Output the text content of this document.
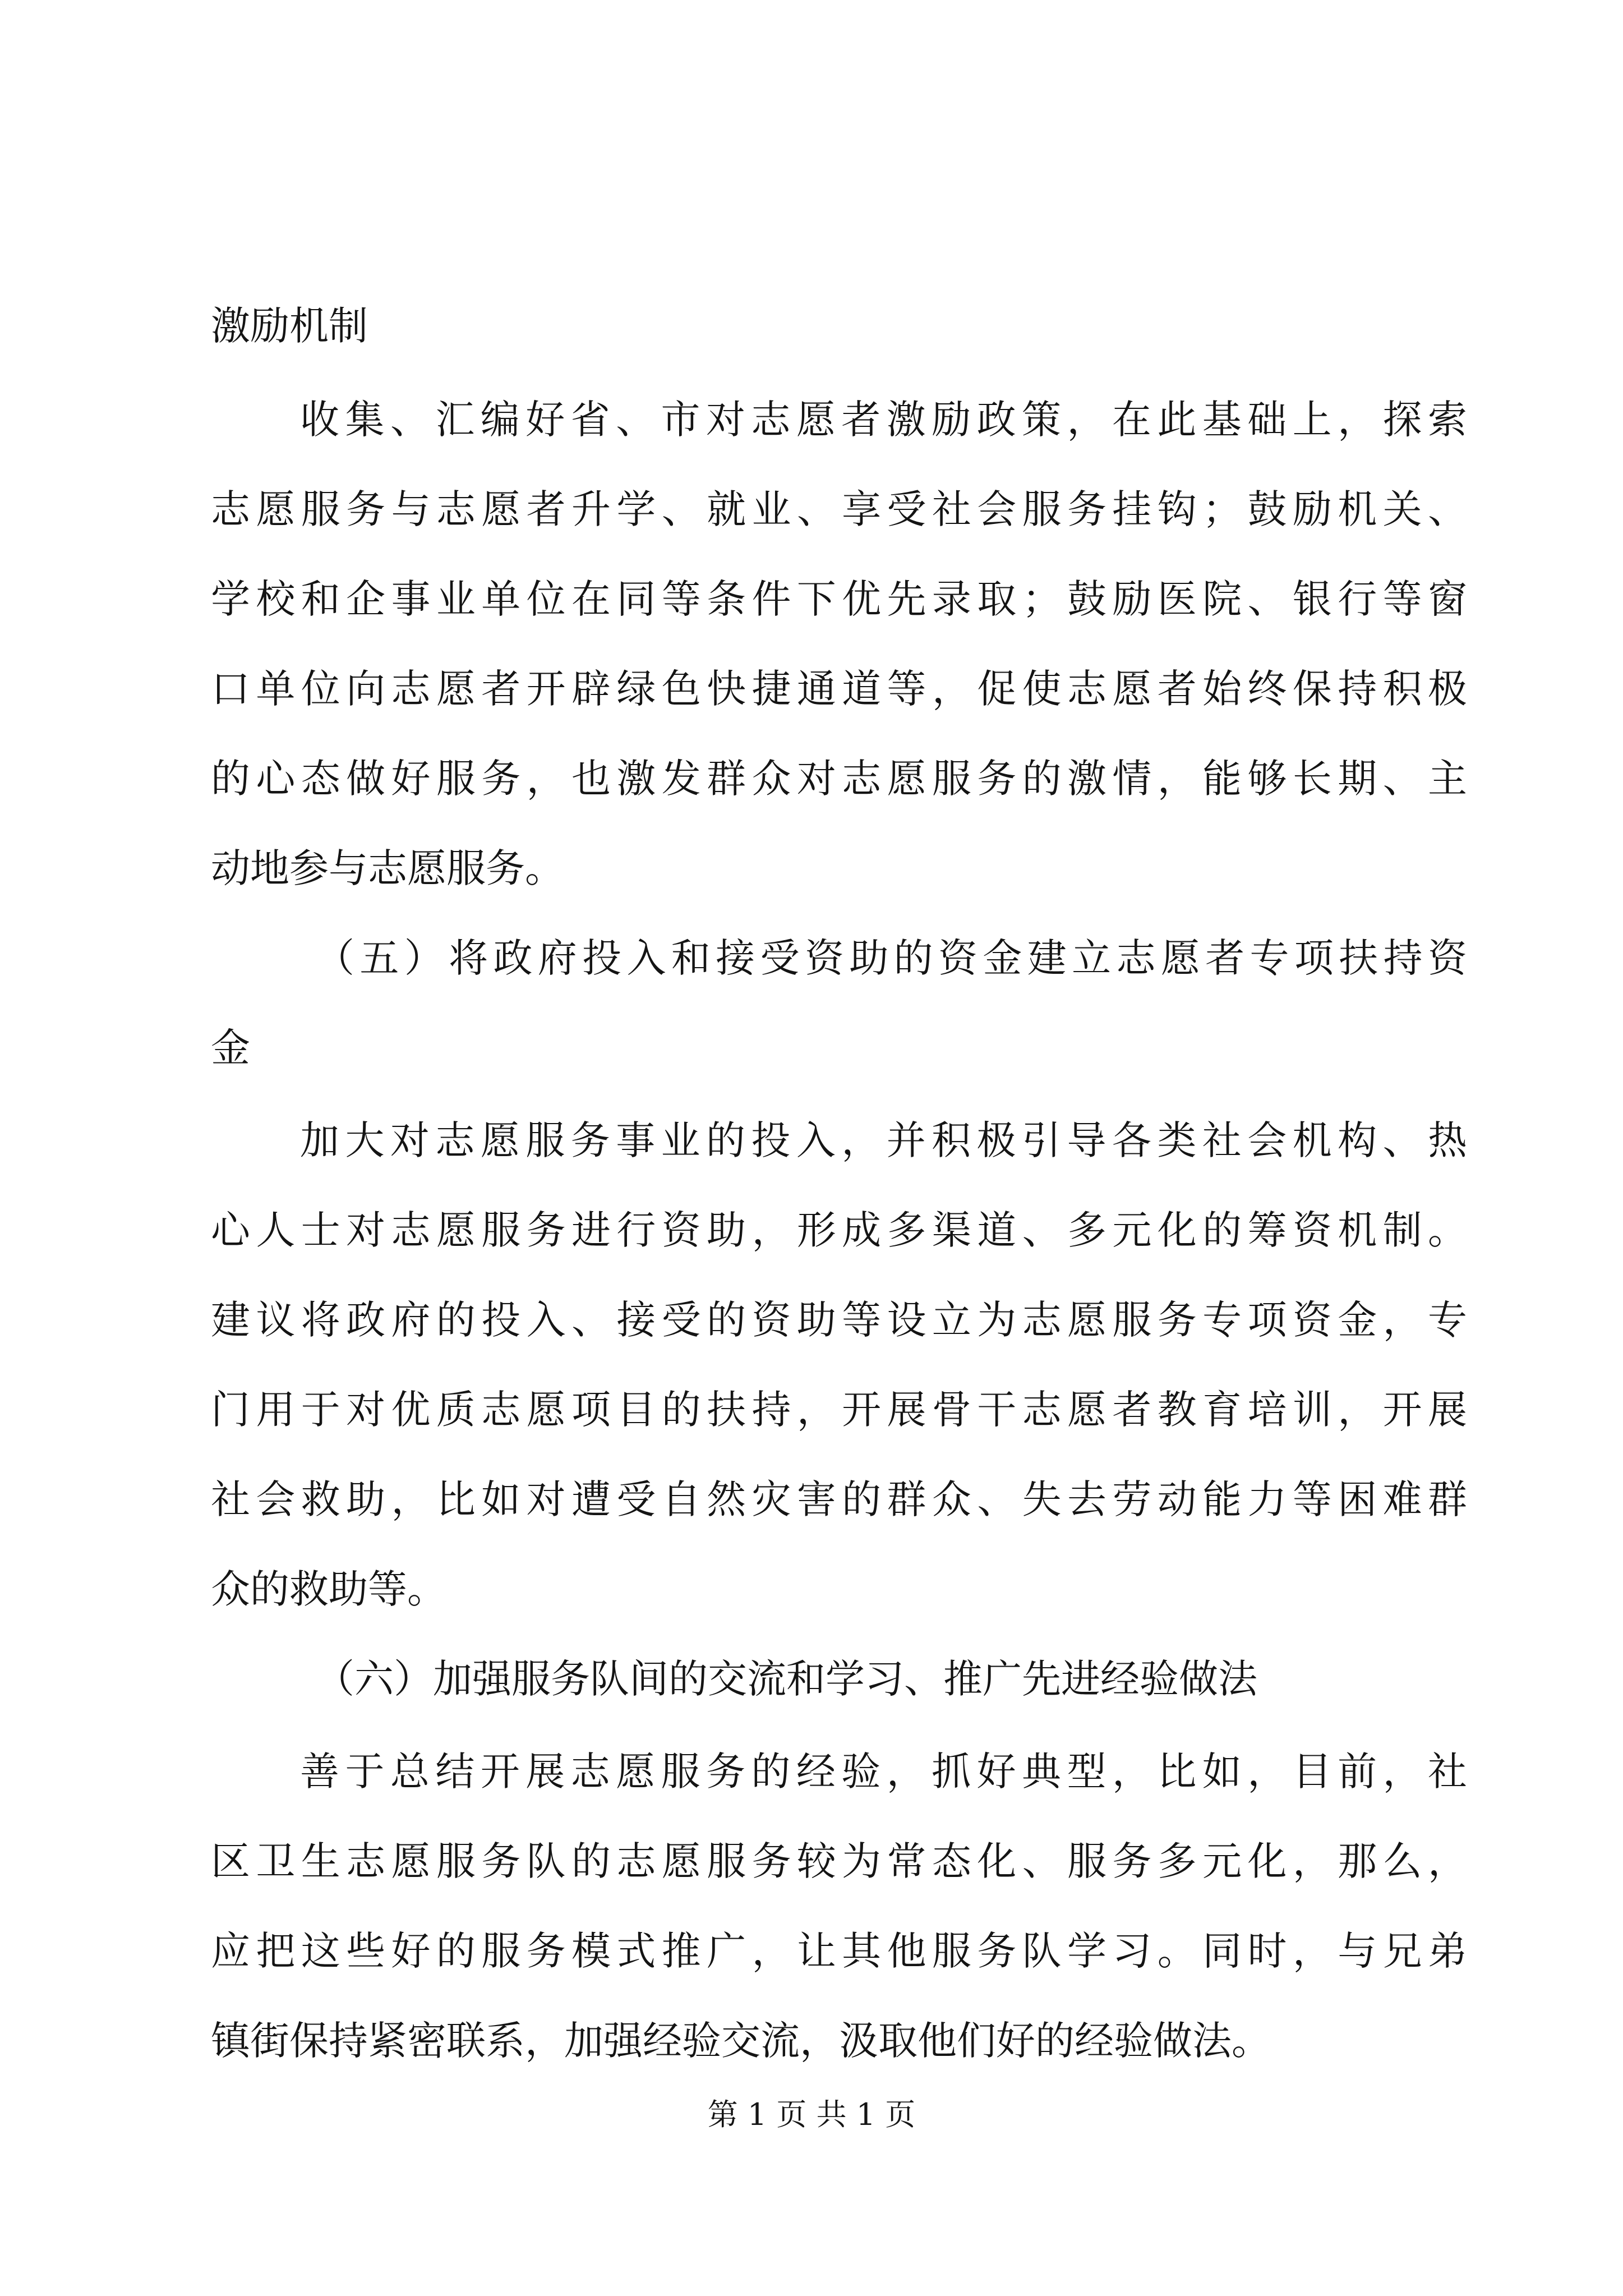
激励机制
收集、汇编好省、市对志愿者激励政策，在此基础上，探索
志愿服务与志愿者升学、就业、享受社会服务挂钩；鼓励机关、
学校和企事业单位在同等条件下优先录取；鼓励医院、银行等窗
口单位向志愿者开辟绿色快捷通道等，促使志愿者始终保持积极
的心态做好服务，也激发群众对志愿服务的激情，能够长期、主
动地参与志愿服务。
（五）将政府投入和接受资助的资金建立志愿者专项扶持资
金
加大对志愿服务事业的投入，并积极引导各类社会机构、热
心人士对志愿服务进行资助，形成多渠道、多元化的筹资机制。
建议将政府的投入、接受的资助等设立为志愿服务专项资金，专
门用于对优质志愿项目的扶持，开展骨干志愿者教育培训，开展
社会救助，比如对遭受自然灾害的群众、失去劳动能力等困难群
众的救助等。
（六）加强服务队间的交流和学习、推广先进经验做法
善于总结开展志愿服务的经验，抓好典型，比如，目前，社
区卫生志愿服务队的志愿服务较为常态化、服务多元化，那么，
应把这些好的服务模式推广，让其他服务队学习。同时，与兄弟
镇街保持紧密联系，加强经验交流，汲取他们好的经验做法。
第 1 页 共 1 页
